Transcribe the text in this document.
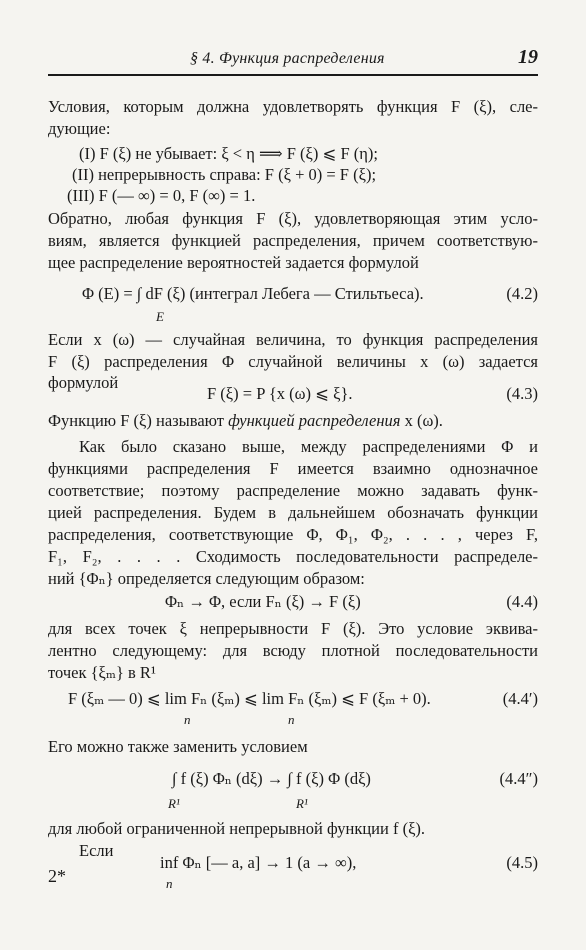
§ 4. Функция распределения	19
Условия, которым должна удовлетворять функция F (ξ), сле-
дующие:
(I) F (ξ) не убывает: ξ < η ⟹ F (ξ) ⩽ F (η);
(II) непрерывность справа: F (ξ + 0) = F (ξ);
(III) F (— ∞) = 0, F (∞) = 1.
Обратно, любая функция F (ξ), удовлетворяющая этим усло-
виям, является функцией распределения, причем соответствую-
щее распределение вероятностей задается формулой
Φ (E) = ∫ dF (ξ) (интеграл Лебега — Стильтьеса).
E
(4.2)
Если x (ω) — случайная величина, то функция распределения
F (ξ) распределения Φ случайной величины x (ω) задается
формулой
F (ξ) = P {x (ω) ⩽ ξ}.	(4.3)
Функцию F (ξ) называют функцией распределения x (ω).
Как было сказано выше, между распределениями Φ и
функциями распределения F имеется взаимно однозначное
соответствие; поэтому распределение можно задавать функ-
цией распределения. Будем в дальнейшем обозначать функции
распределения, соответствующие Φ, Φ₁, Φ₂, . . . , через F,
F₁, F₂, . . . . Сходимость последовательности распределе-
ний {Φₙ} определяется следующим образом:
Φₙ → Φ, если Fₙ (ξ) → F (ξ)	(4.4)
для всех точек ξ непрерывности F (ξ). Это условие эквива-
лентно следующему: для всюду плотной последовательности
точек {ξₘ} в R¹
F (ξₘ — 0) ⩽ lim Fₙ (ξₘ) ⩽ lim Fₙ (ξₘ) ⩽ F (ξₘ + 0).
n	n
(4.4′)
Его можно также заменить условием
∫ f (ξ) Φₙ (dξ) → ∫ f (ξ) Φ (dξ)
R¹	R¹
(4.4″)
для любой ограниченной непрерывной функции f (ξ).
Если
inf Φₙ [— a, a] → 1 (a → ∞),
n
(4.5)
2*
